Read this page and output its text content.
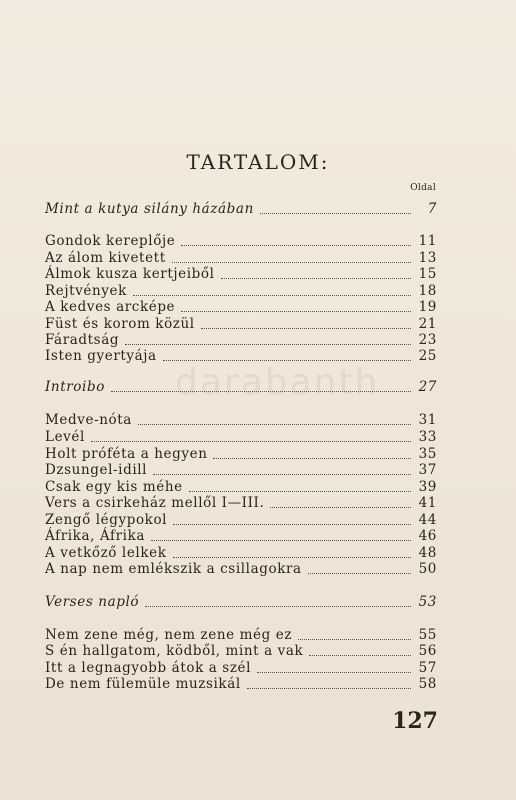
darabanth
TARTALOM:
Oldal
Mint a kutya silány házában	7
Gondok kereplője	11
Az álom kivetett	13
Álmok kusza kertjeiből	15
Rejtvények	18
A kedves arcképe	19
Füst és korom közül	21
Fáradtság	23
Isten gyertyája	25
Introibo	27
Medve-nóta	31
Levél	33
Holt próféta a hegyen	35
Dzsungel-idill	37
Csak egy kis méhe	39
Vers a csirkeház mellől I—III.	41
Zengő légypokol	44
Áfrika, Áfrika	46
A vetkőző lelkek	48
A nap nem emlékszik a csillagokra	50
Verses napló	53
Nem zene még, nem zene még ez	55
S én hallgatom, ködből, mint a vak	56
Itt a legnagyobb átok a szél	57
De nem fülemüle muzsikál	58
127
